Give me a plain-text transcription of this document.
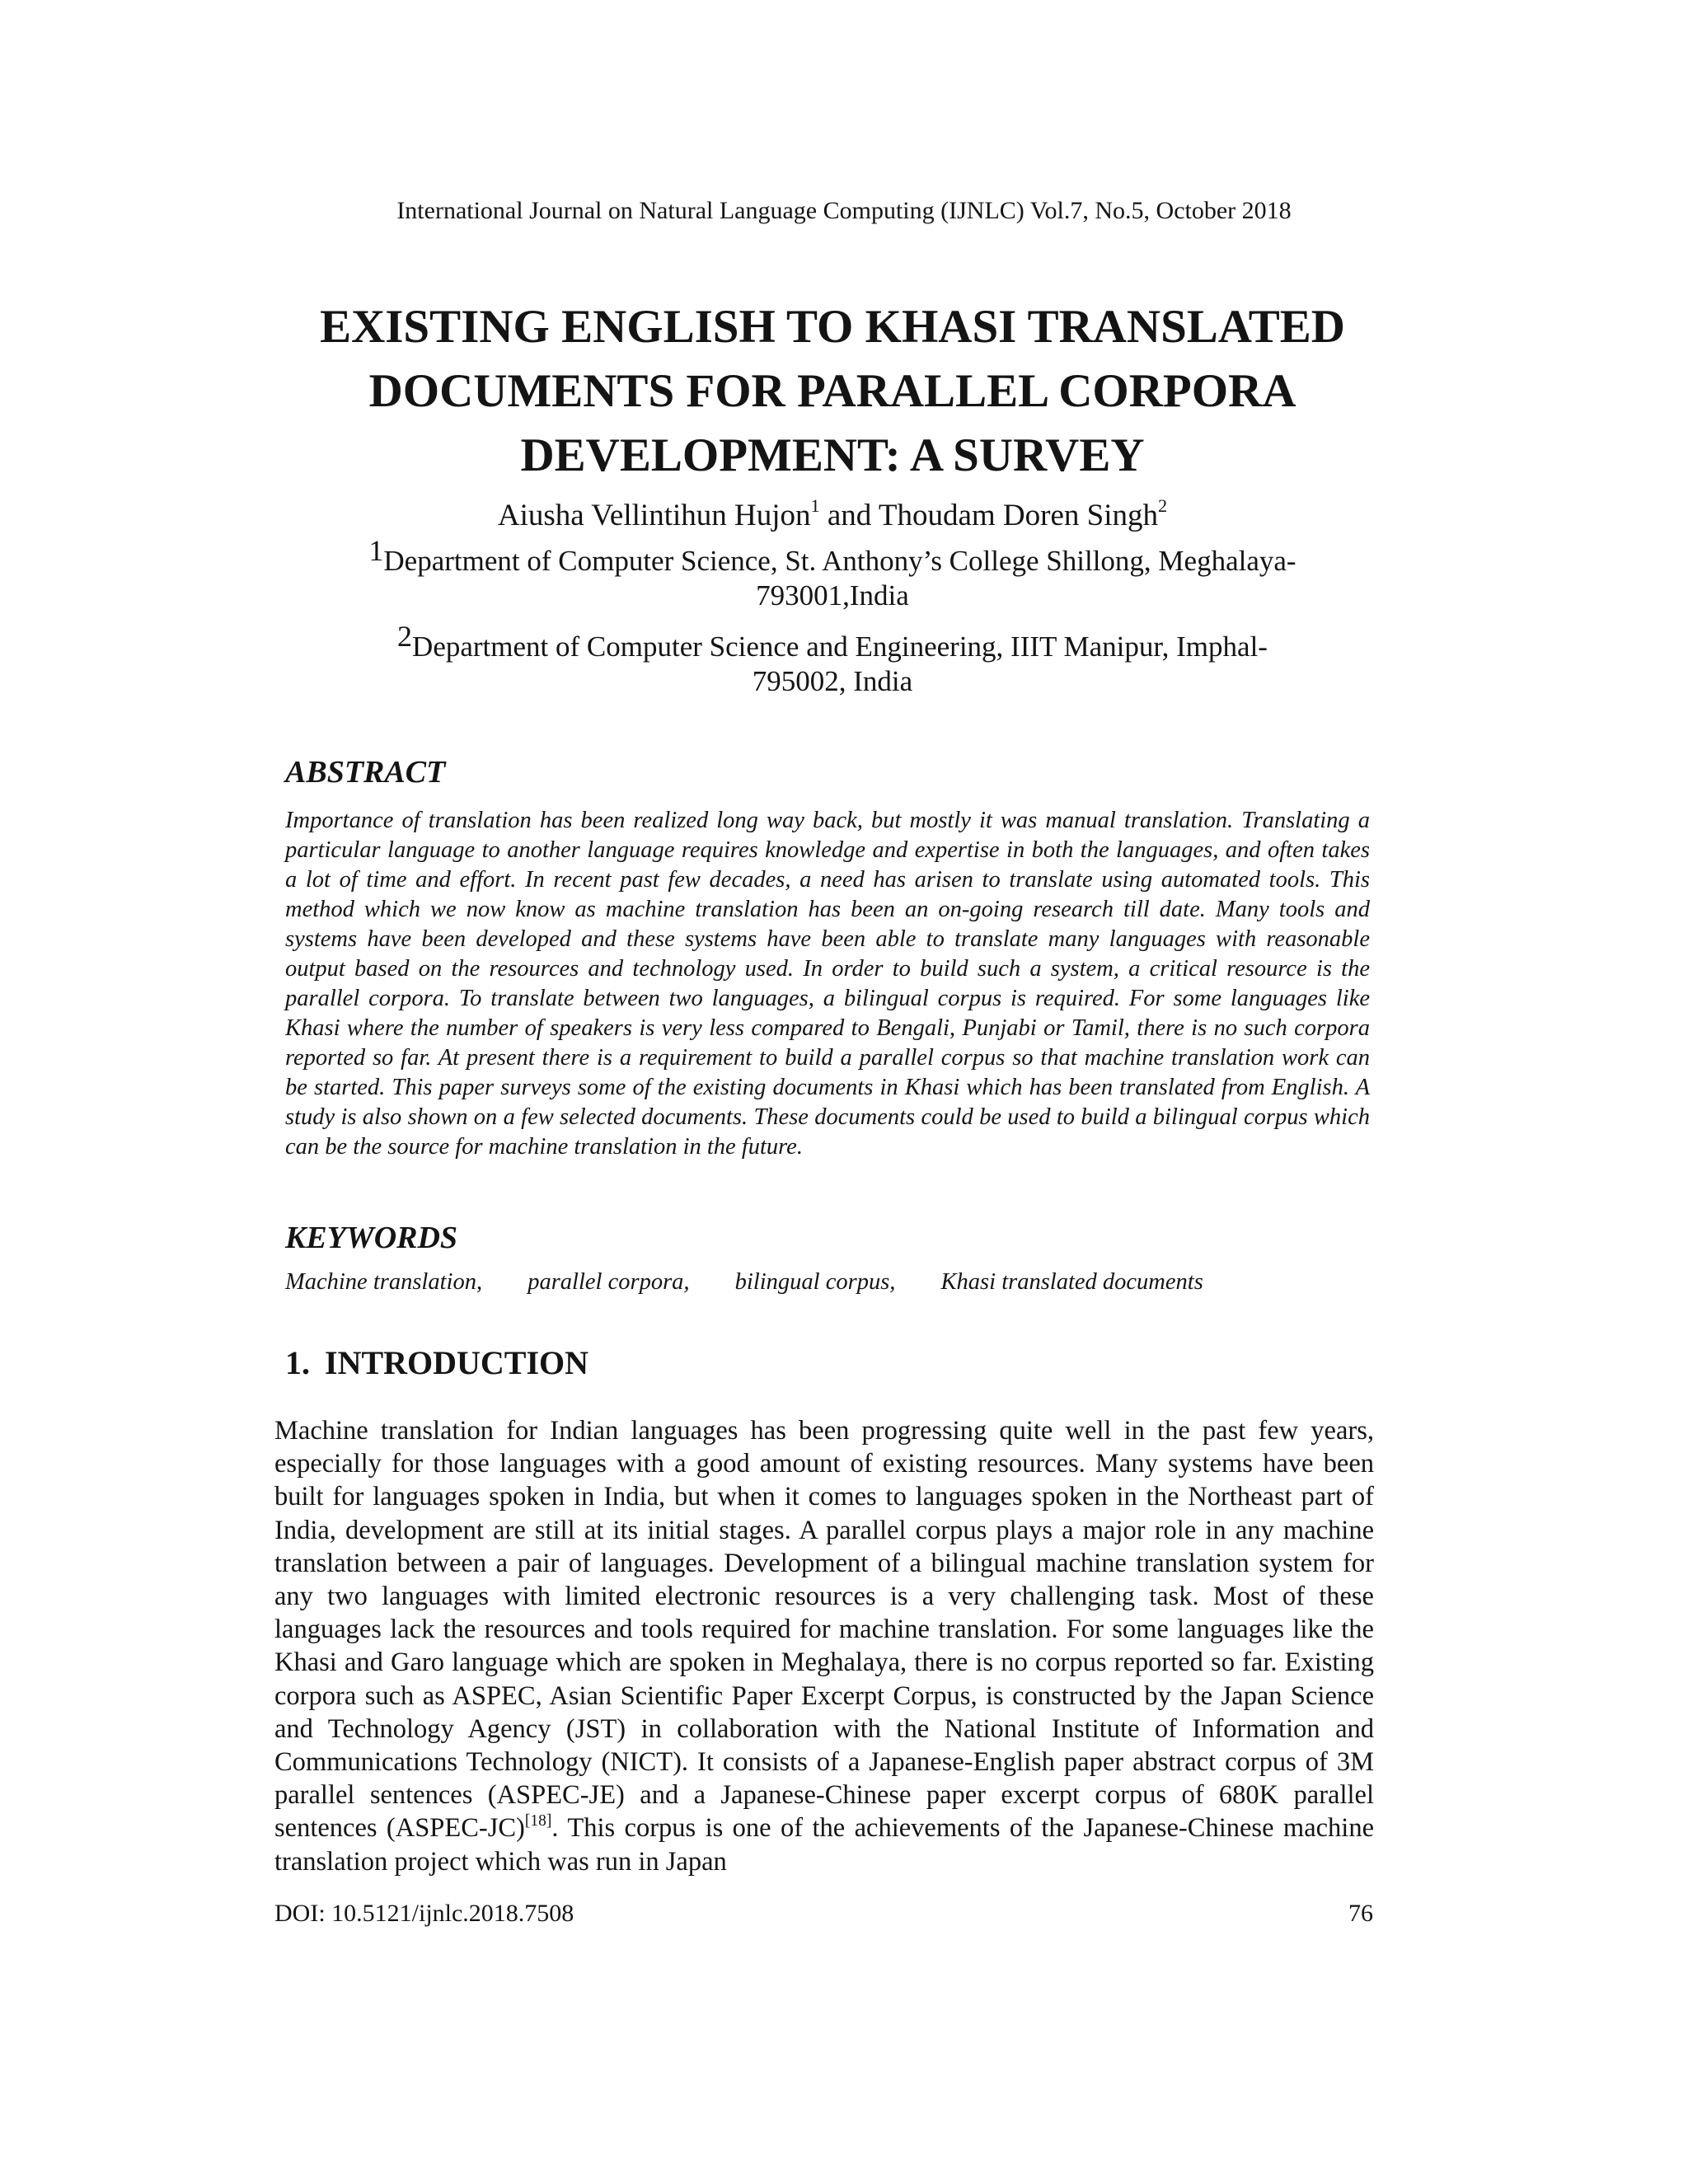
International Journal on Natural Language Computing (IJNLC) Vol.7, No.5, October 2018
EXISTING ENGLISH TO KHASI TRANSLATED
DOCUMENTS FOR PARALLEL CORPORA
DEVELOPMENT: A SURVEY
Aiusha Vellintihun Hujon$^1$ and Thoudam Doren Singh$^2$
1Department of Computer Science, St. Anthony’s College Shillong, Meghalaya-
793001,India
2Department of Computer Science and Engineering, IIIT Manipur, Imphal-
795002, India
ABSTRACT

Importance of translation has been realized long way back, but mostly it was manual translation. Translating a particular language to another language requires knowledge and expertise in both the languages, and often takes a lot of time and effort. In recent past few decades, a need has arisen to translate using automated tools. This method which we now know as machine translation has been an on-going research till date. Many tools and systems have been developed and these systems have been able to translate many languages with reasonable output based on the resources and technology used. In order to build such a system, a critical resource is the parallel corpora. To translate between two languages, a bilingual corpus is required. For some languages like Khasi where the number of speakers is very less compared to Bengali, Punjabi or Tamil, there is no such corpora reported so far. At present there is a requirement to build a parallel corpus so that machine translation work can be started. This paper surveys some of the existing documents in Khasi which has been translated from English. A study is also shown on a few selected documents. These documents could be used to build a bilingual corpus which can be the source for machine translation in the future.

KEYWORDS
Machine translation, parallel corpora, bilingual corpus, Khasi translated documents
1. INTRODUCTION

Machine translation for Indian languages has been progressing quite well in the past few years, especially for those languages with a good amount of existing resources. Many systems have been built for languages spoken in India, but when it comes to languages spoken in the Northeast part of India, development are still at its initial stages. A parallel corpus plays a major role in any machine translation between a pair of languages. Development of a bilingual machine translation system for any two languages with limited electronic resources is a very challenging task. Most of these languages lack the resources and tools required for machine translation. For some languages like the Khasi and Garo language which are spoken in Meghalaya, there is no corpus reported so far. Existing corpora such as ASPEC, Asian Scientific Paper Excerpt Corpus, is constructed by the Japan Science and Technology Agency (JST) in collaboration with the National Institute of Information and Communications Technology (NICT). It consists of a Japanese-English paper abstract corpus of 3M parallel sentences (ASPEC-JE) and a Japanese-Chinese paper excerpt corpus of 680K parallel sentences (ASPEC-JC)[18]. This corpus is one of the achievements of the Japanese-Chinese machine translation project which was run in Japan

DOI: 10.5121/ijnlc.2018.7508	76
